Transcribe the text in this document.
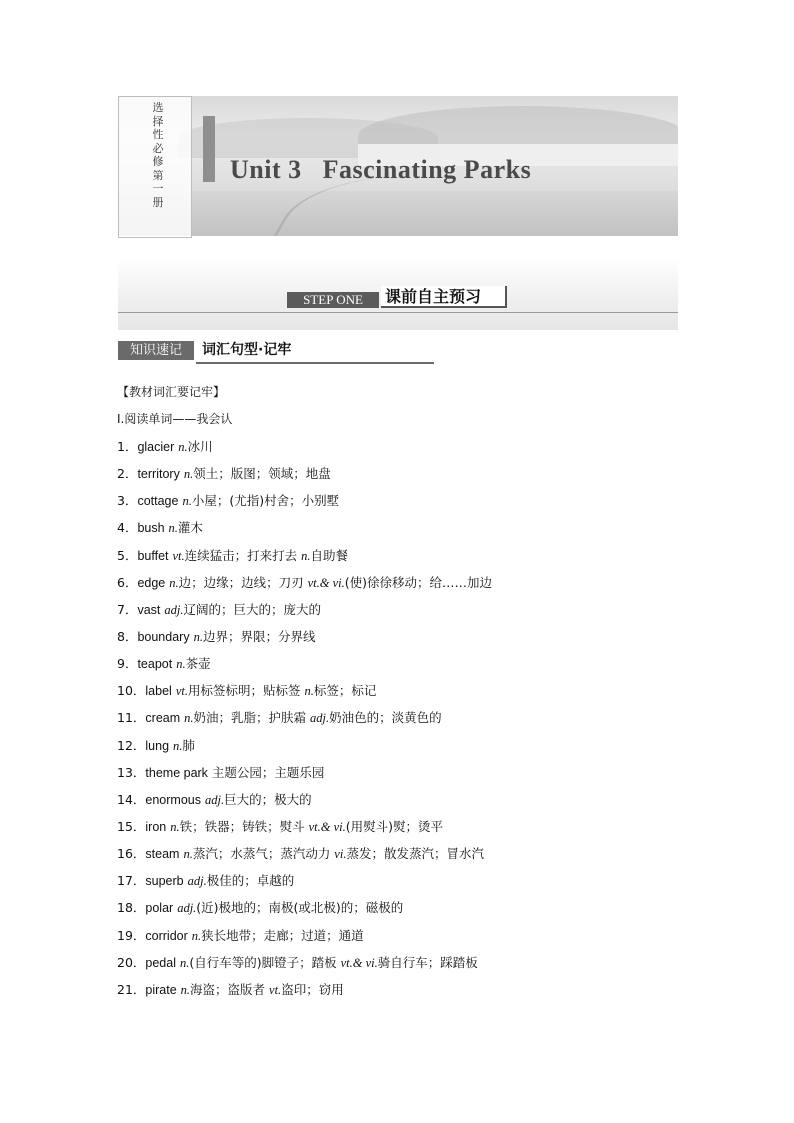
选择性必修第一册
Unit 3   Fascinating Parks
STEP ONE	课前自主预习
知识速记	词汇句型·记牢
【教材词汇要记牢】
Ⅰ.阅读单词——我会认
1．glacier n.冰川
2．territory n.领土；版图；领域；地盘
3．cottage n.小屋；(尤指)村舍；小别墅
4．bush n.灌木
5．buffet vt.连续猛击；打来打去 n.自助餐
6．edge n.边；边缘；边线；刀刃 vt.& vi.(使)徐徐移动；给……加边
7．vast adj.辽阔的；巨大的；庞大的
8．boundary n.边界；界限；分界线
9．teapot n.茶壶
10．label vt.用标签标明；贴标签 n.标签；标记
11．cream n.奶油；乳脂；护肤霜 adj.奶油色的；淡黄色的
12．lung n.肺
13．theme park 主题公园；主题乐园
14．enormous adj.巨大的；极大的
15．iron n.铁；铁器；铸铁；熨斗 vt.& vi.(用熨斗)熨；烫平
16．steam n.蒸汽；水蒸气；蒸汽动力 vi.蒸发；散发蒸汽；冒水汽
17．superb adj.极佳的；卓越的
18．polar adj.(近)极地的；南极(或北极)的；磁极的
19．corridor n.狭长地带；走廊；过道；通道
20．pedal n.(自行车等的)脚镫子；踏板 vt.& vi.骑自行车；踩踏板
21．pirate n.海盗；盗版者 vt.盗印；窃用
